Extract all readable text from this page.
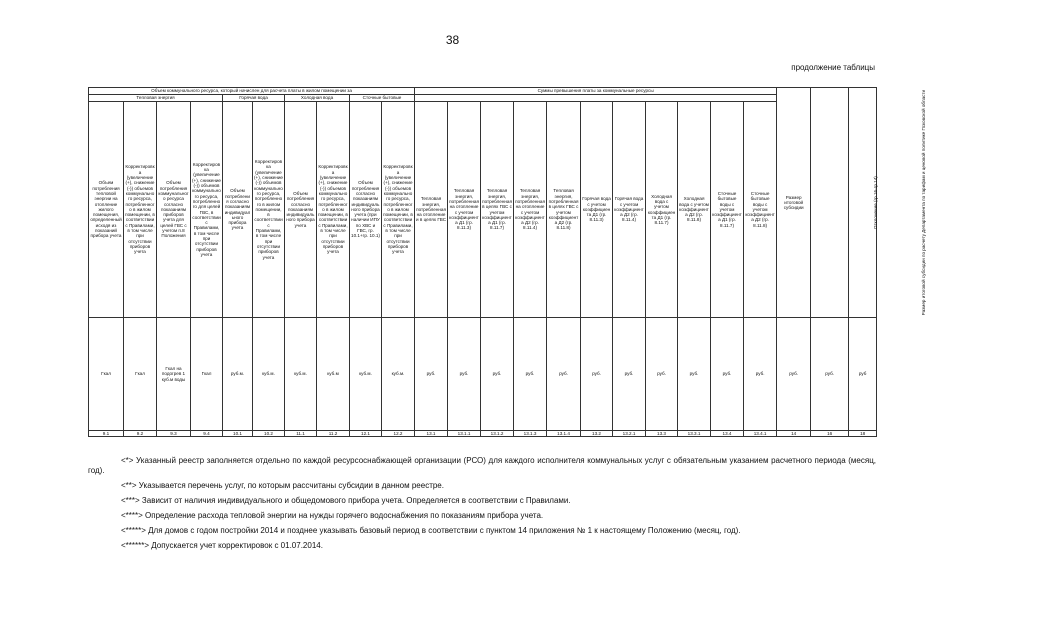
38
продолжение таблицы
Объем коммунального ресурса, который начислен для расчета платы в жилом помещении за										Суммы превышения платы за коммунальные ресурсы											Размер итоговой субсидии	Размер итоговой субсидии по расчету Департамента по тарифам и ценовой политике Псковской области	Отклонение (гр.16-гр.14)
Тепловая энергия				Горячая вода		Холодная вода		Сточные бытовые															
Объем потребления тепловой энергии на отопление жилого помещения, определенный исходя из показаний прибора учета	Корректировка (увеличение (+), снижение (-)) объемов коммунального ресурса, потребленного в жилом помещении, в соответствии с Правилами, в том числе при отсутствии приборов учета	Объем потребления коммунального ресурса согласно показаниям приборов учета для целей ГВС с учетом п.8 Положения	Корректировка (увеличение (+), снижение (-)) объемов коммунального ресурса, потребленного для целей ГВС, в соответствии с Правилами, в том числе при отсутствии приборов учета	Объем потребления согласно показаниям индивидуального прибора учета	Корректировка (увеличение (+), снижение (-)) объемов коммунального ресурса, потребленного в жилом помещении, в соответствии с Правилами, в том числе при отсутствии приборов учета	Объем потребления согласно показаниям индивидуального прибора учета	Корректировка (увеличение (+), снижение (-)) объемов коммунального ресурса, потребленного в жилом помещении, в соответствии с Правилами, в том числе при отсутствии приборов учета	Объем потребления согласно показаниям индивидуального прибора учета (при наличии ИПУ по ХВС и ГВС, гр. 10.1+гр. 10.1)	Корректировка (увеличение (+), снижение (-)) объемов коммунального ресурса, потребленного в жилом помещении, в соответствии с Правилами, в том числе при отсутствии приборов учета	Тепловая энергия, потребленная на отопление и в целях ГВС	Тепловая энергия, потребленная на отопление с учетом коэффициента Д1 (гр. 8.11.3)	Тепловая энергия, потребленная в целях ГВС с учетом коэффициента Д1 (гр. 8.11.7)	Тепловая энергия, потребленная на отопление с учетом коэффициента Д2 (гр. 8.11.4)	Тепловая энергия, потребленная в целях ГВС с учетом коэффициента Д2 (гр. 8.11.8)	Горячая вода с учетом коэффициента Д1 (гр. 8.11.3)	Горячая вода с учетом коэффициента Д2 (гр. 8.11.4)	Холодная вода с учетом коэффициента Д1 (гр. 8.11.7)	Холодная вода с учетом коэффициента Д2 (гр. 8.11.8)	Сточные бытовые воды с учетом коэффициента Д1 (гр. 8.11.7)	Сточные бытовые воды с учетом коэффициента Д2 (гр. 8.11.8)			
Гкал	Гкал	Гкал на подогрев 1 куб.м воды	Гкал	руб.м.	куб.м.	куб.м.	куб.м	куб.м.	куб.м.	руб.	руб.	руб.	руб.	руб.	руб.	руб.	руб.	руб.	руб.	руб.	руб.	руб.	руб
9.1	9.2	9.3	9.4	10.1	10.2	11.1	11.2	12.1	12.2	13.1	13.1.1	13.1.2	13.1.3	13.1.4	13.2	13.2.1	13.3	13.3.1	13.4	13.4.1	14	16	18

<*> Указанный реестр заполняется отдельно по каждой ресурсоснабжающей организации (РСО) для каждого исполнителя коммунальных услуг с обязательным указанием расчетного периода (месяц, год).

<**> Указывается перечень услуг, по которым рассчитаны субсидии в данном реестре.

<***> Зависит от наличия индивидуального и общедомового прибора учета. Определяется в соответствии с Правилами.

<****> Определение расхода тепловой энергии на нужды горячего водоснабжения по показаниям прибора учета.

<*****> Для домов с годом постройки 2014 и позднее указывать базовый период в соответствии с пунктом 14 приложения № 1 к настоящему Положению (месяц, год).

<******> Допускается учет корректировок с 01.07.2014.
